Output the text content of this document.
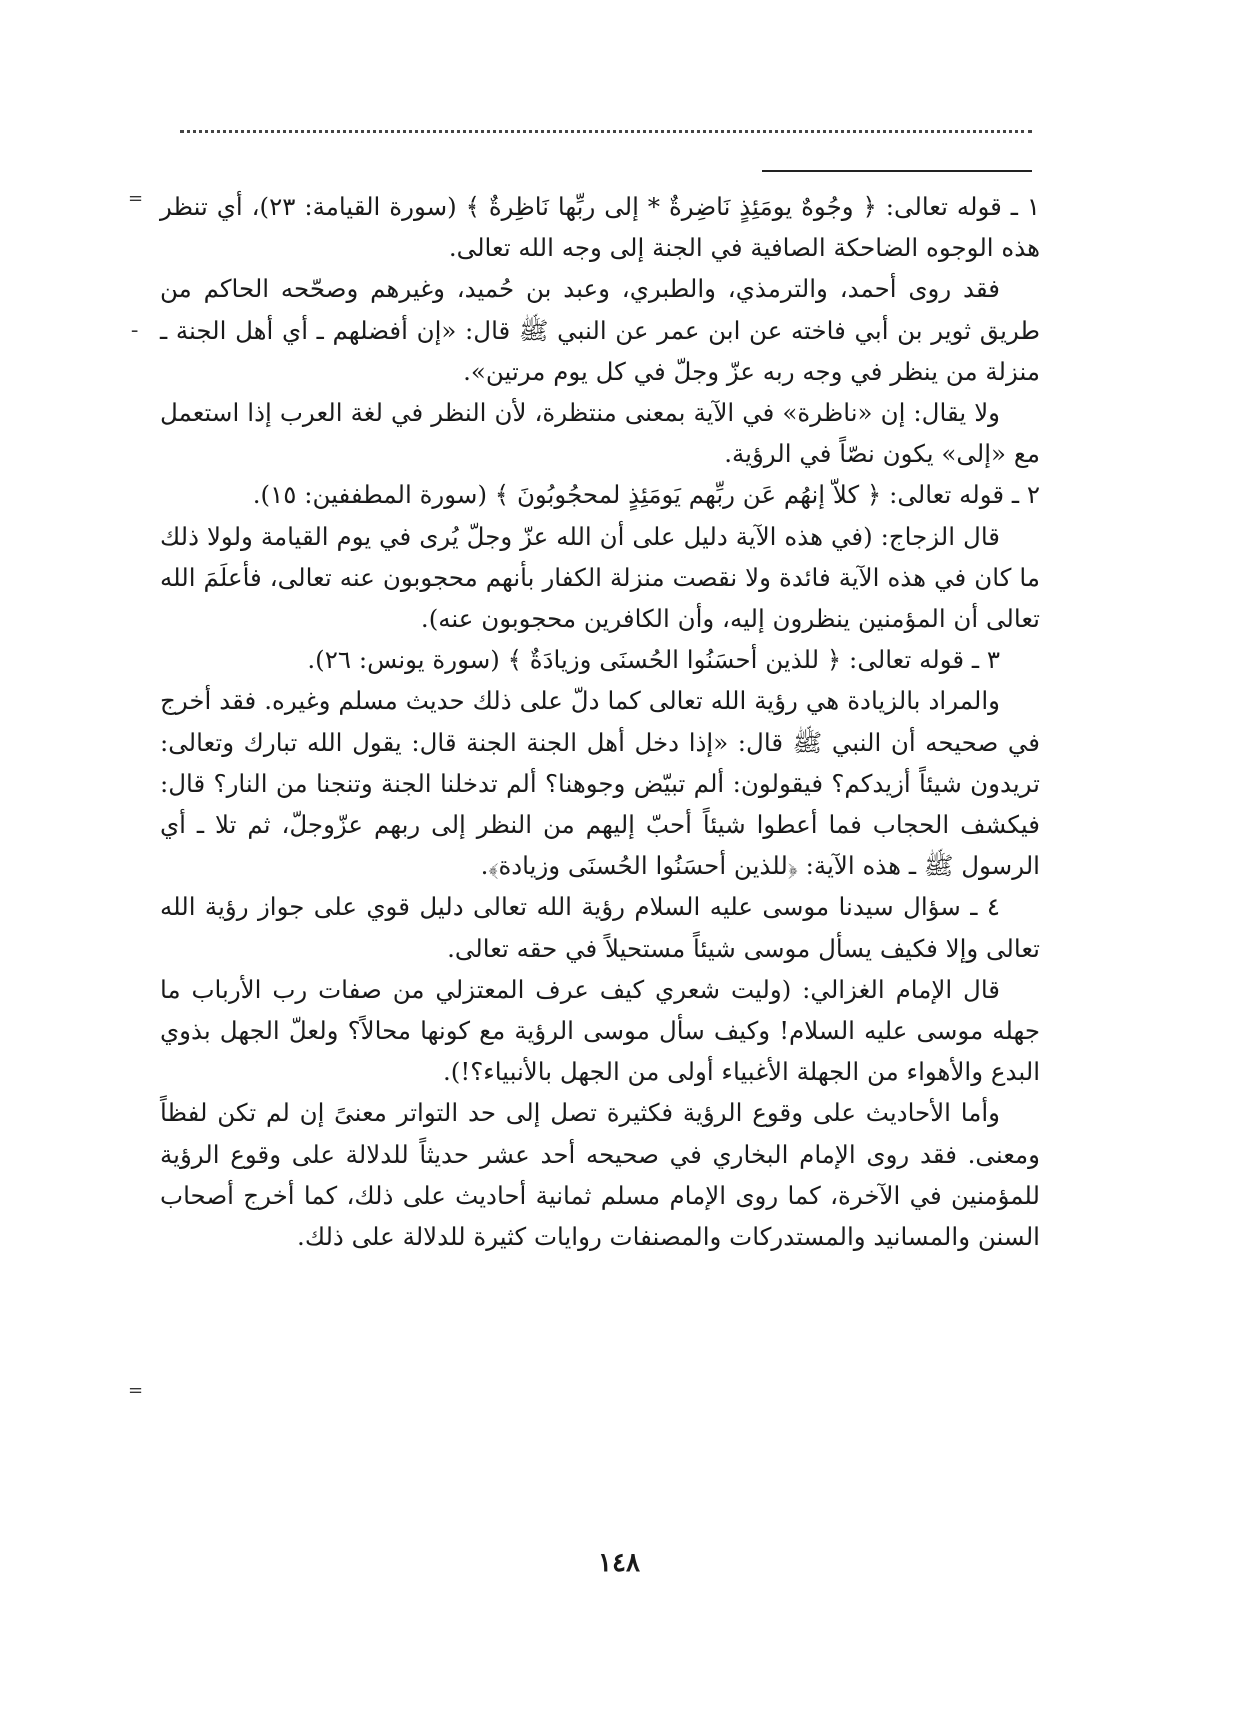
=
ـ
=

١ ـ قوله تعالى: ﴿ وجُوهٌ يومَئِذٍ نَاضِرةٌ * إلى ربِّها نَاظِرةٌ ﴾ (سورة القيامة: ٢٣)، أي تنظر هذه الوجوه الضاحكة الصافية في الجنة إلى وجه الله تعالى.

فقد روى أحمد، والترمذي، والطبري، وعبد بن حُميد، وغيرهم وصحّحه الحاكم من طريق ثوير بن أبي فاخته عن ابن عمر عن النبي ﷺ قال: «إن أفضلهم ـ أي أهل الجنة ـ منزلة من ينظر في وجه ربه عزّ وجلّ في كل يوم مرتين».

ولا يقال: إن «ناظرة» في الآية بمعنى منتظرة، لأن النظر في لغة العرب إذا استعمل مع «إلى» يكون نصّاً في الرؤية.

٢ ـ قوله تعالى: ﴿ كلاّ إنهُم عَن ربِّهم يَومَئِذٍ لمحجُوبُونَ ﴾ (سورة المطففين: ١٥).

قال الزجاج: (في هذه الآية دليل على أن الله عزّ وجلّ يُرى في يوم القيامة ولولا ذلك ما كان في هذه الآية فائدة ولا نقصت منزلة الكفار بأنهم محجوبون عنه تعالى، فأعلَمَ الله تعالى أن المؤمنين ينظرون إليه، وأن الكافرين محجوبون عنه).

٣ ـ قوله تعالى: ﴿ للذين أحسَنُوا الحُسنَى وزيادَةٌ ﴾ (سورة يونس: ٢٦).

والمراد بالزيادة هي رؤية الله تعالى كما دلّ على ذلك حديث مسلم وغيره. فقد أخرج في صحيحه أن النبي ﷺ قال: «إذا دخل أهل الجنة الجنة قال: يقول الله تبارك وتعالى: تريدون شيئاً أزيدكم؟ فيقولون: ألم تبيّض وجوهنا؟ ألم تدخلنا الجنة وتنجنا من النار؟ قال: فيكشف الحجاب فما أعطوا شيئاً أحبّ إليهم من النظر إلى ربهم عزّوجلّ، ثم تلا ـ أي الرسول ﷺ ـ هذه الآية: ﴿للذين أحسَنُوا الحُسنَى وزيادة﴾.

٤ ـ سؤال سيدنا موسى عليه السلام رؤية الله تعالى دليل قوي على جواز رؤية الله تعالى وإلا فكيف يسأل موسى شيئاً مستحيلاً في حقه تعالى.

قال الإمام الغزالي: (وليت شعري كيف عرف المعتزلي من صفات رب الأرباب ما جهله موسى عليه السلام! وكيف سأل موسى الرؤية مع كونها محالاً؟ ولعلّ الجهل بذوي البدع والأهواء من الجهلة الأغبياء أولى من الجهل بالأنبياء؟!).

وأما الأحاديث على وقوع الرؤية فكثيرة تصل إلى حد التواتر معنىً إن لم تكن لفظاً ومعنى. فقد روى الإمام البخاري في صحيحه أحد عشر حديثاً للدلالة على وقوع الرؤية للمؤمنين في الآخرة، كما روى الإمام مسلم ثمانية أحاديث على ذلك، كما أخرج أصحاب السنن والمسانيد والمستدركات والمصنفات روايات كثيرة للدلالة على ذلك.

١٤٨
